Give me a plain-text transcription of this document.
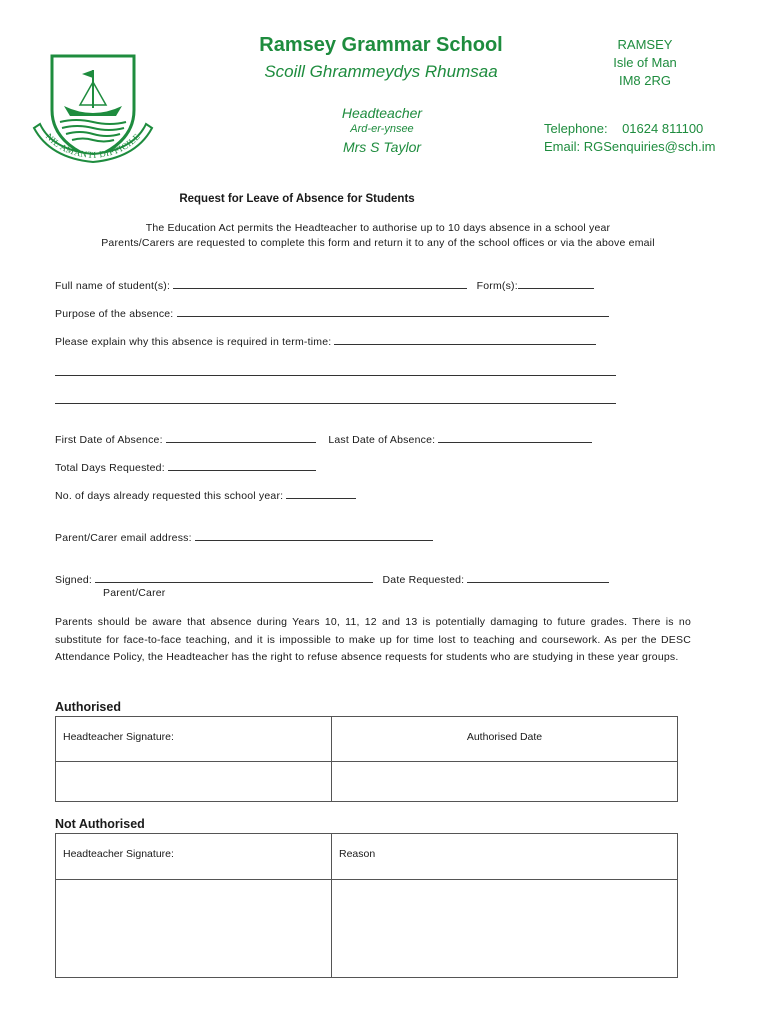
NIL AMANTI DIFFICILE
Ramsey Grammar School
Scoill Ghrammeydys Rhumsaa
Headteacher
Ard-er-ynsee
Mrs S Taylor
RAMSEY
Isle of Man
IM8 2RG
Telephone: 01624 811100
Email: RGSenquiries@sch.im
Request for Leave of Absence for Students
The Education Act permits the Headteacher to authorise up to 10 days absence in a school year
Parents/Carers are requested to complete this form and return it to any of the school offices or via the above email
Full name of student(s):	Form(s):
Purpose of the absence:
Please explain why this absence is required in term-time:
First Date of Absence:	Last Date of Absence:
Total Days Requested:
No. of days already requested this school year:
Parent/Carer email address:
Signed:	Date Requested:
Parent/Carer
Parents should be aware that absence during Years 10, 11, 12 and 13 is potentially damaging to future grades. There is no substitute for face-to-face teaching, and it is impossible to make up for time lost to teaching and coursework. As per the DESC Attendance Policy, the Headteacher has the right to refuse absence requests for students who are studying in these year groups.
Authorised
Headteacher Signature:	Authorised Date

Not Authorised
Headteacher Signature:	Reason
